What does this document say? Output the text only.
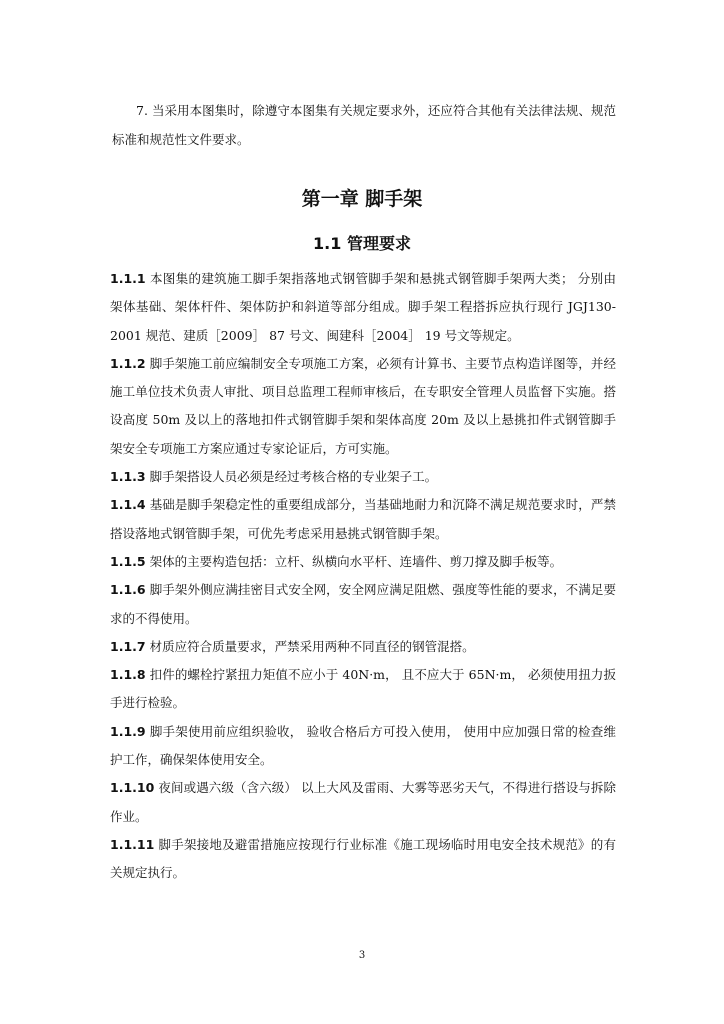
7. 当采用本图集时，除遵守本图集有关规定要求外，还应符合其他有关法律法规、规范标准和规范性文件要求。

第一章 脚手架
1.1 管理要求

1.1.1 本图集的建筑施工脚手架指落地式钢管脚手架和悬挑式钢管脚手架两大类； 分别由架体基础、架体杆件、架体防护和斜道等部分组成。脚手架工程搭拆应执行现行 JGJ130-2001 规范、建质［2009］ 87 号文、闽建科［2004］ 19 号文等规定。

1.1.2 脚手架施工前应编制安全专项施工方案，必须有计算书、主要节点构造详图等，并经施工单位技术负责人审批、项目总监理工程师审核后，在专职安全管理人员监督下实施。搭设高度 50m 及以上的落地扣件式钢管脚手架和架体高度 20m 及以上悬挑扣件式钢管脚手架安全专项施工方案应通过专家论证后，方可实施。

1.1.3 脚手架搭设人员必须是经过考核合格的专业架子工。

1.1.4 基础是脚手架稳定性的重要组成部分，当基础地耐力和沉降不满足规范要求时，严禁搭设落地式钢管脚手架，可优先考虑采用悬挑式钢管脚手架。

1.1.5 架体的主要构造包括：立杆、纵横向水平杆、连墙件、剪刀撑及脚手板等。

1.1.6 脚手架外侧应满挂密目式安全网，安全网应满足阻燃、强度等性能的要求，不满足要求的不得使用。

1.1.7 材质应符合质量要求，严禁采用两种不同直径的钢管混搭。

1.1.8 扣件的螺栓拧紧扭力矩值不应小于 40N·m， 且不应大于 65N·m， 必须使用扭力扳手进行检验。

1.1.9 脚手架使用前应组织验收， 验收合格后方可投入使用， 使用中应加强日常的检查维护工作，确保架体使用安全。

1.1.10 夜间或遇六级（含六级） 以上大风及雷雨、大雾等恶劣天气，不得进行搭设与拆除作业。

1.1.11 脚手架接地及避雷措施应按现行行业标准《施工现场临时用电安全技术规范》的有关规定执行。

3
